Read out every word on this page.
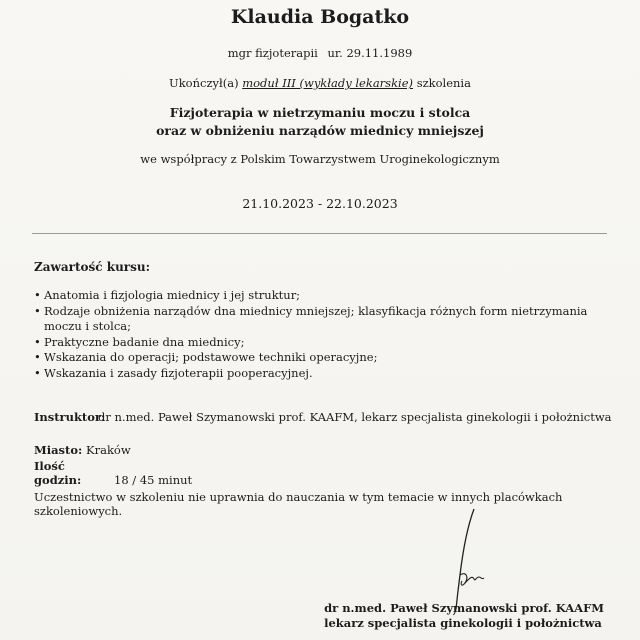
Klaudia Bogatko
mgr fizjoterapii ur. 29.11.1989
Ukończył(a) moduł III (wykłady lekarskie) szkolenia
Fizjoterapia w nietrzymaniu moczu i stolca
oraz w obniżeniu narządów miednicy mniejszej
we współpracy z Polskim Towarzystwem Uroginekologicznym
21.10.2023 - 22.10.2023
Zawartość kursu:
• Anatomia i fizjologia miednicy i jej struktur;
• Rodzaje obniżenia narządów dna miednicy mniejszej; klasyfikacja różnych form nietrzymania moczu i stolca;
• Praktyczne badanie dna miednicy;
• Wskazania do operacji; podstawowe techniki operacyjne;
• Wskazania i zasady fizjoterapii pooperacyjnej.
Instruktor:dr n.med. Paweł Szymanowski prof. KAAFM, lekarz specjalista ginekologii i położnictwa
Miasto: Kraków
Ilość godzin:	18 / 45 minut
Uczestnictwo w szkoleniu nie uprawnia do nauczania w tym temacie w innych placówkach szkoleniowych.
dr n.med. Paweł Szymanowski prof. KAAFM
lekarz specjalista ginekologii i położnictwa
